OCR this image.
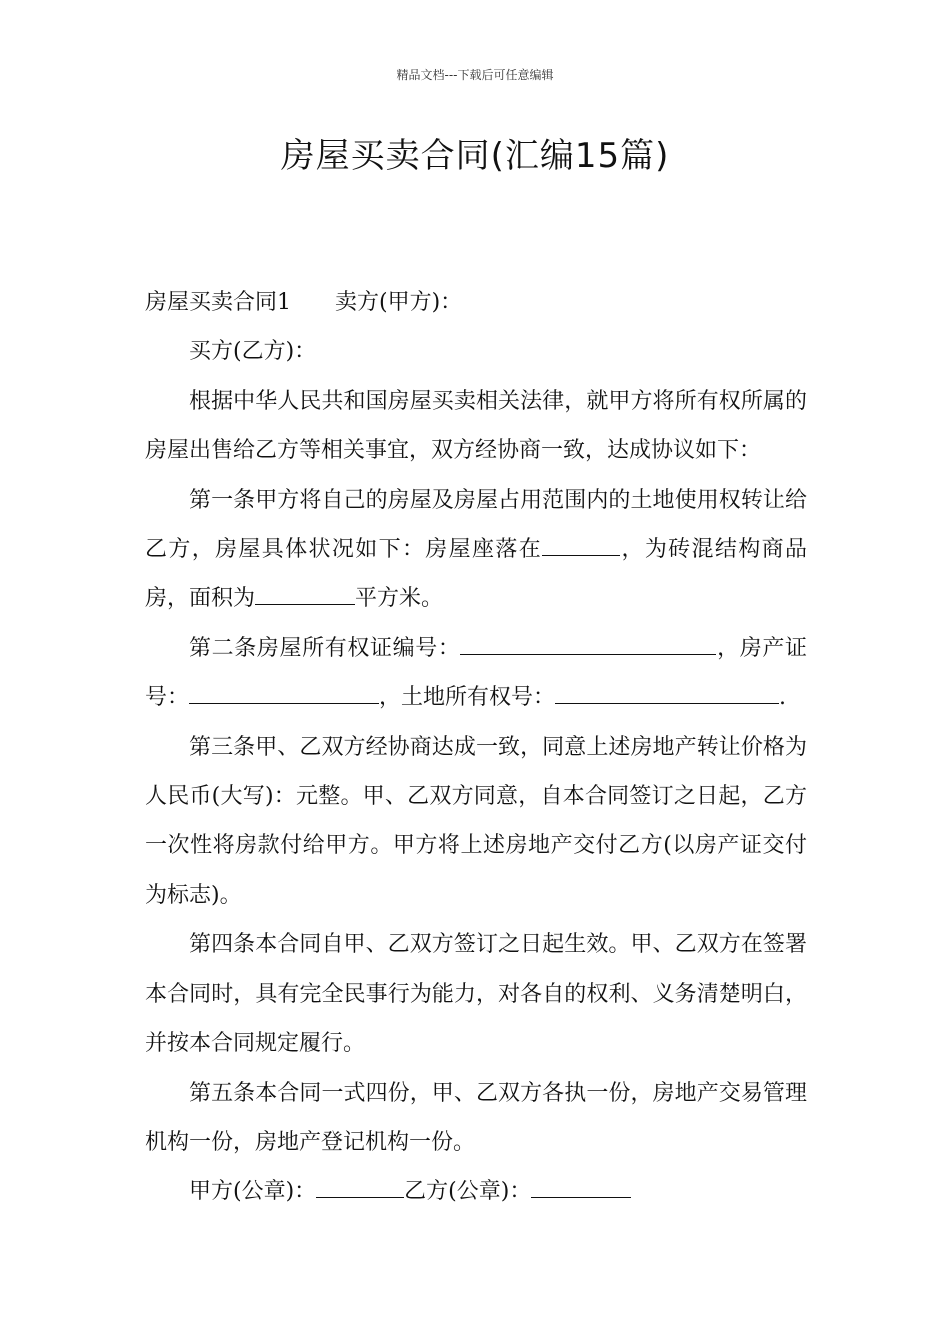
精品文档---下载后可任意编辑
房屋买卖合同(汇编15篇)

房屋买卖合同1 卖方(甲方)：

买方(乙方)：

根据中华人民共和国房屋买卖相关法律，就甲方将所有权所属的房屋出售给乙方等相关事宜，双方经协商一致，达成协议如下：

第一条甲方将自己的房屋及房屋占用范围内的土地使用权转让给乙方，房屋具体状况如下：房屋座落在	，为砖混结构商品房，面积为	平方米。

第二条房屋所有权证编号：	，房产证号：	，土地所有权号：	.

第三条甲、乙双方经协商达成一致，同意上述房地产转让价格为人民币(大写)：元整。甲、乙双方同意，自本合同签订之日起，乙方一次性将房款付给甲方。甲方将上述房地产交付乙方(以房产证交付为标志)。

第四条本合同自甲、乙双方签订之日起生效。甲、乙双方在签署本合同时，具有完全民事行为能力，对各自的权利、义务清楚明白，并按本合同规定履行。

第五条本合同一式四份，甲、乙双方各执一份，房地产交易管理机构一份，房地产登记机构一份。

甲方(公章)：	乙方(公章)：
